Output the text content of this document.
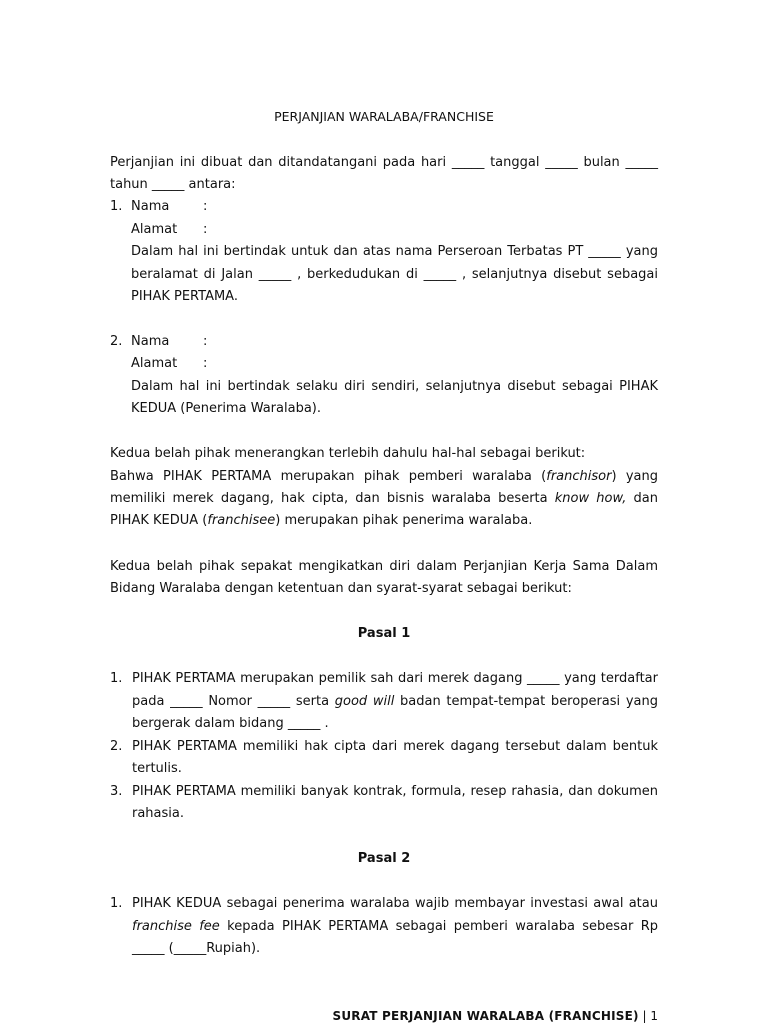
PERJANJIAN WARALABA/FRANCHISE
Perjanjian ini dibuat dan ditandatangani pada hari _____ tanggal _____ bulan _____
tahun _____ antara:
1. Nama	:
Alamat :
Dalam hal ini bertindak untuk dan atas nama Perseroan Terbatas PT _____ yang
beralamat di Jalan _____ , berkedudukan di _____ , selanjutnya disebut sebagai
PIHAK PERTAMA.
2. Nama	:
Alamat :
Dalam hal ini bertindak selaku diri sendiri, selanjutnya disebut sebagai PIHAK
KEDUA (Penerima Waralaba).
Kedua belah pihak menerangkan terlebih dahulu hal-hal sebagai berikut:
Bahwa PIHAK PERTAMA merupakan pihak pemberi waralaba (franchisor) yang
memiliki merek dagang, hak cipta, dan bisnis waralaba beserta know how, dan
PIHAK KEDUA (franchisee) merupakan pihak penerima waralaba.
Kedua belah pihak sepakat mengikatkan diri dalam Perjanjian Kerja Sama Dalam
Bidang Waralaba dengan ketentuan dan syarat-syarat sebagai berikut:
Pasal 1
1. PIHAK PERTAMA merupakan pemilik sah dari merek dagang _____ yang terdaftar
pada _____ Nomor _____ serta good will badan tempat-tempat beroperasi yang
bergerak dalam bidang _____ .
2. PIHAK PERTAMA memiliki hak cipta dari merek dagang tersebut dalam bentuk
tertulis.
3. PIHAK PERTAMA memiliki banyak kontrak, formula, resep rahasia, dan dokumen
rahasia.
Pasal 2
1. PIHAK KEDUA sebagai penerima waralaba wajib membayar investasi awal atau
franchise fee kepada PIHAK PERTAMA sebagai pemberi waralaba sebesar Rp
_____ (_____Rupiah).
SURAT PERJANJIAN WARALABA (FRANCHISE) | 1
